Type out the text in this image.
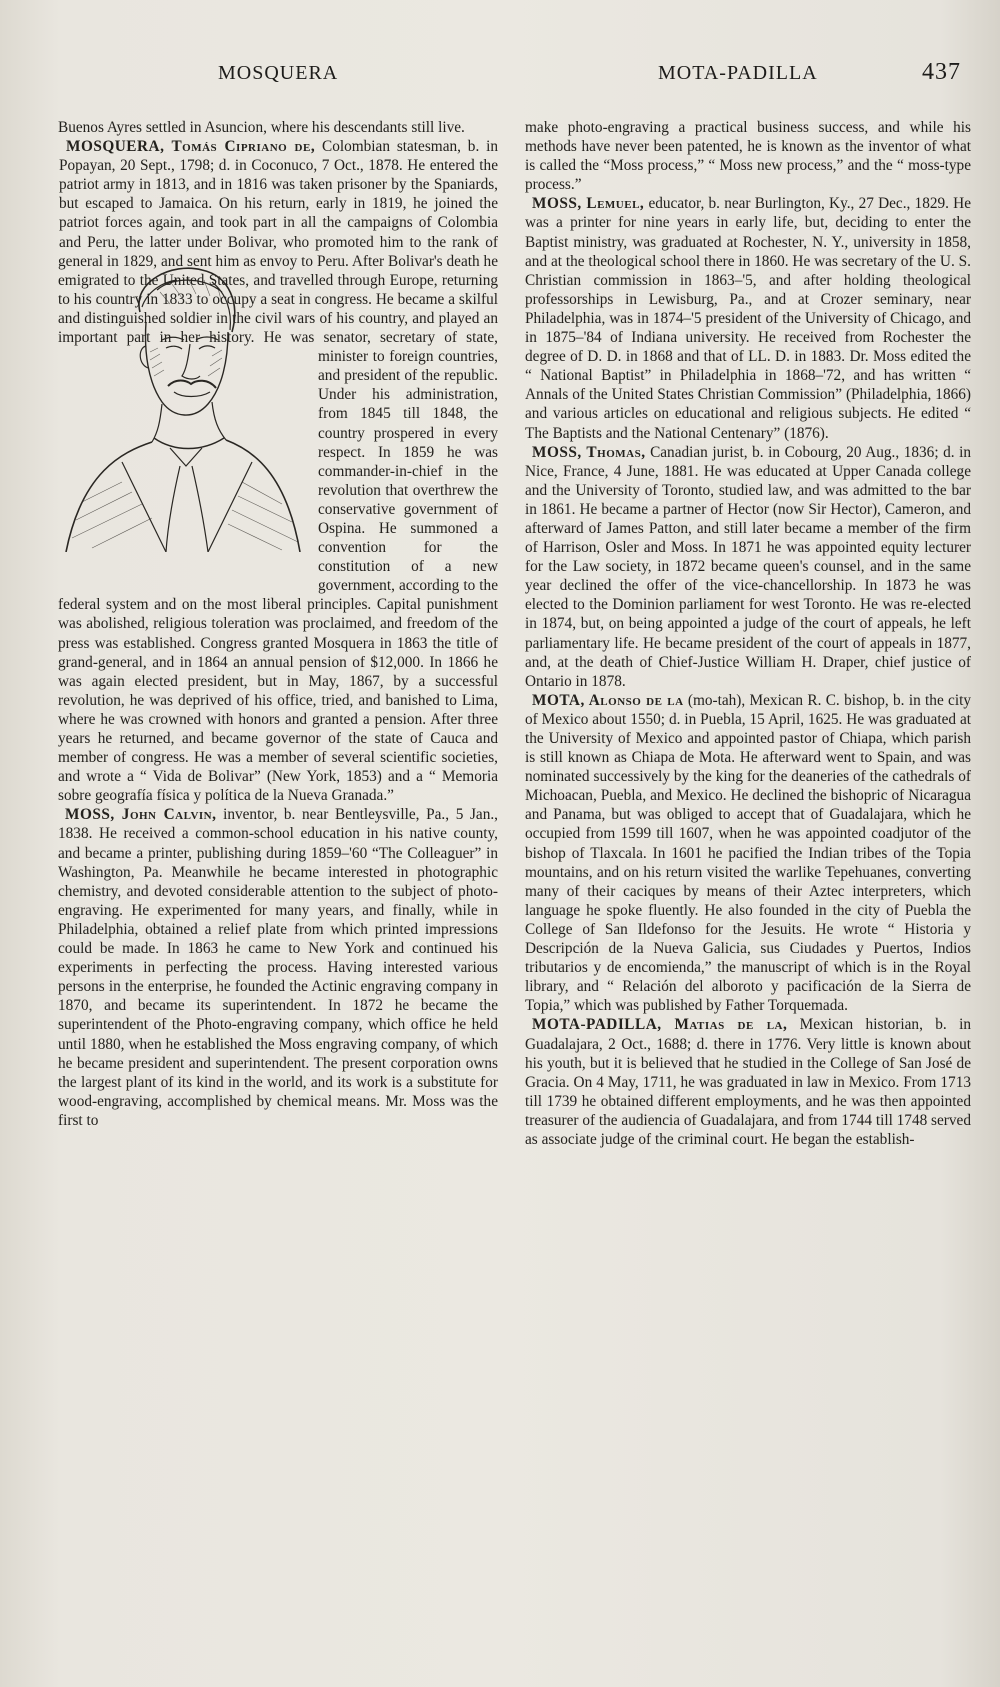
MOSQUERA	MOTA-PADILLA	437

Buenos Ayres settled in Asuncion, where his descendants still live.

MOSQUERA, Tomás Cipriano de, Colombian statesman, b. in Popayan, 20 Sept., 1798; d. in Coconuco, 7 Oct., 1878. He entered the patriot army in 1813, and in 1816 was taken prisoner by the Spaniards, but escaped to Jamaica. On his return, early in 1819, he joined the patriot forces again, and took part in all the campaigns of Colombia and Peru, the latter under Bolivar, who promoted him to the rank of general in 1829, and sent him as envoy to Peru. After Bolivar's death he emigrated to the United States, and travelled through Europe, returning to his country in 1833 to occupy a seat in congress. He became a skilful and distinguished soldier in the civil wars of his country, and played an important part in her history. He was senator, secretary of state, minister to foreign countries, and president of the republic. Under his administration, from 1845 till 1848, the country prospered in every respect. In 1859 he was commander-in-chief in the revolution that overthrew the conservative government of Ospina. He summoned a convention for the constitution of a new government, according to the federal system and on the most liberal principles. Capital punishment was abolished, religious toleration was proclaimed, and freedom of the press was established. Congress granted Mosquera in 1863 the title of grand-general, and in 1864 an annual pension of $12,000. In 1866 he was again elected president, but in May, 1867, by a successful revolution, he was deprived of his office, tried, and banished to Lima, where he was crowned with honors and granted a pension. After three years he returned, and became governor of the state of Cauca and member of congress. He was a member of several scientific societies, and wrote a “ Vida de Bolivar” (New York, 1853) and a “ Memoria sobre geografía física y política de la Nueva Granada.”

MOSS, John Calvin, inventor, b. near Bentleysville, Pa., 5 Jan., 1838. He received a common-school education in his native county, and became a printer, publishing during 1859–'60 “The Colleaguer” in Washington, Pa. Meanwhile he became interested in photographic chemistry, and devoted considerable attention to the subject of photo-engraving. He experimented for many years, and finally, while in Philadelphia, obtained a relief plate from which printed impressions could be made. In 1863 he came to New York and continued his experiments in perfecting the process. Having interested various persons in the enterprise, he founded the Actinic engraving company in 1870, and became its superintendent. In 1872 he became the superintendent of the Photo-engraving company, which office he held until 1880, when he established the Moss engraving company, of which he became president and superintendent. The present corporation owns the largest plant of its kind in the world, and its work is a substitute for wood-engraving, accomplished by chemical means. Mr. Moss was the first to

make photo-engraving a practical business success, and while his methods have never been patented, he is known as the inventor of what is called the “Moss process,” “ Moss new process,” and the “ moss-type process.”

MOSS, Lemuel, educator, b. near Burlington, Ky., 27 Dec., 1829. He was a printer for nine years in early life, but, deciding to enter the Baptist ministry, was graduated at Rochester, N. Y., university in 1858, and at the theological school there in 1860. He was secretary of the U. S. Christian commission in 1863–'5, and after holding theological professorships in Lewisburg, Pa., and at Crozer seminary, near Philadelphia, was in 1874–'5 president of the University of Chicago, and in 1875–'84 of Indiana university. He received from Rochester the degree of D. D. in 1868 and that of LL. D. in 1883. Dr. Moss edited the “ National Baptist” in Philadelphia in 1868–'72, and has written “ Annals of the United States Christian Commission” (Philadelphia, 1866) and various articles on educational and religious subjects. He edited “ The Baptists and the National Centenary” (1876).

MOSS, Thomas, Canadian jurist, b. in Cobourg, 20 Aug., 1836; d. in Nice, France, 4 June, 1881. He was educated at Upper Canada college and the University of Toronto, studied law, and was admitted to the bar in 1861. He became a partner of Hector (now Sir Hector), Cameron, and afterward of James Patton, and still later became a member of the firm of Harrison, Osler and Moss. In 1871 he was appointed equity lecturer for the Law society, in 1872 became queen's counsel, and in the same year declined the offer of the vice-chancellorship. In 1873 he was elected to the Dominion parliament for west Toronto. He was re-elected in 1874, but, on being appointed a judge of the court of appeals, he left parliamentary life. He became president of the court of appeals in 1877, and, at the death of Chief-Justice William H. Draper, chief justice of Ontario in 1878.

MOTA, Alonso de la (mo-tah), Mexican R. C. bishop, b. in the city of Mexico about 1550; d. in Puebla, 15 April, 1625. He was graduated at the University of Mexico and appointed pastor of Chiapa, which parish is still known as Chiapa de Mota. He afterward went to Spain, and was nominated successively by the king for the deaneries of the cathedrals of Michoacan, Puebla, and Mexico. He declined the bishopric of Nicaragua and Panama, but was obliged to accept that of Guadalajara, which he occupied from 1599 till 1607, when he was appointed coadjutor of the bishop of Tlaxcala. In 1601 he pacified the Indian tribes of the Topia mountains, and on his return visited the warlike Tepehuanes, converting many of their caciques by means of their Aztec interpreters, which language he spoke fluently. He also founded in the city of Puebla the College of San Ildefonso for the Jesuits. He wrote “ Historia y Descripción de la Nueva Galicia, sus Ciudades y Puertos, Indios tributarios y de encomienda,” the manuscript of which is in the Royal library, and “ Relación del alboroto y pacificación de la Sierra de Topia,” which was published by Father Torquemada.

MOTA-PADILLA, Matias de la, Mexican historian, b. in Guadalajara, 2 Oct., 1688; d. there in 1776. Very little is known about his youth, but it is believed that he studied in the College of San José de Gracia. On 4 May, 1711, he was graduated in law in Mexico. From 1713 till 1739 he obtained different employments, and he was then appointed treasurer of the audiencia of Guadalajara, and from 1744 till 1748 served as associate judge of the criminal court. He began the establish-
